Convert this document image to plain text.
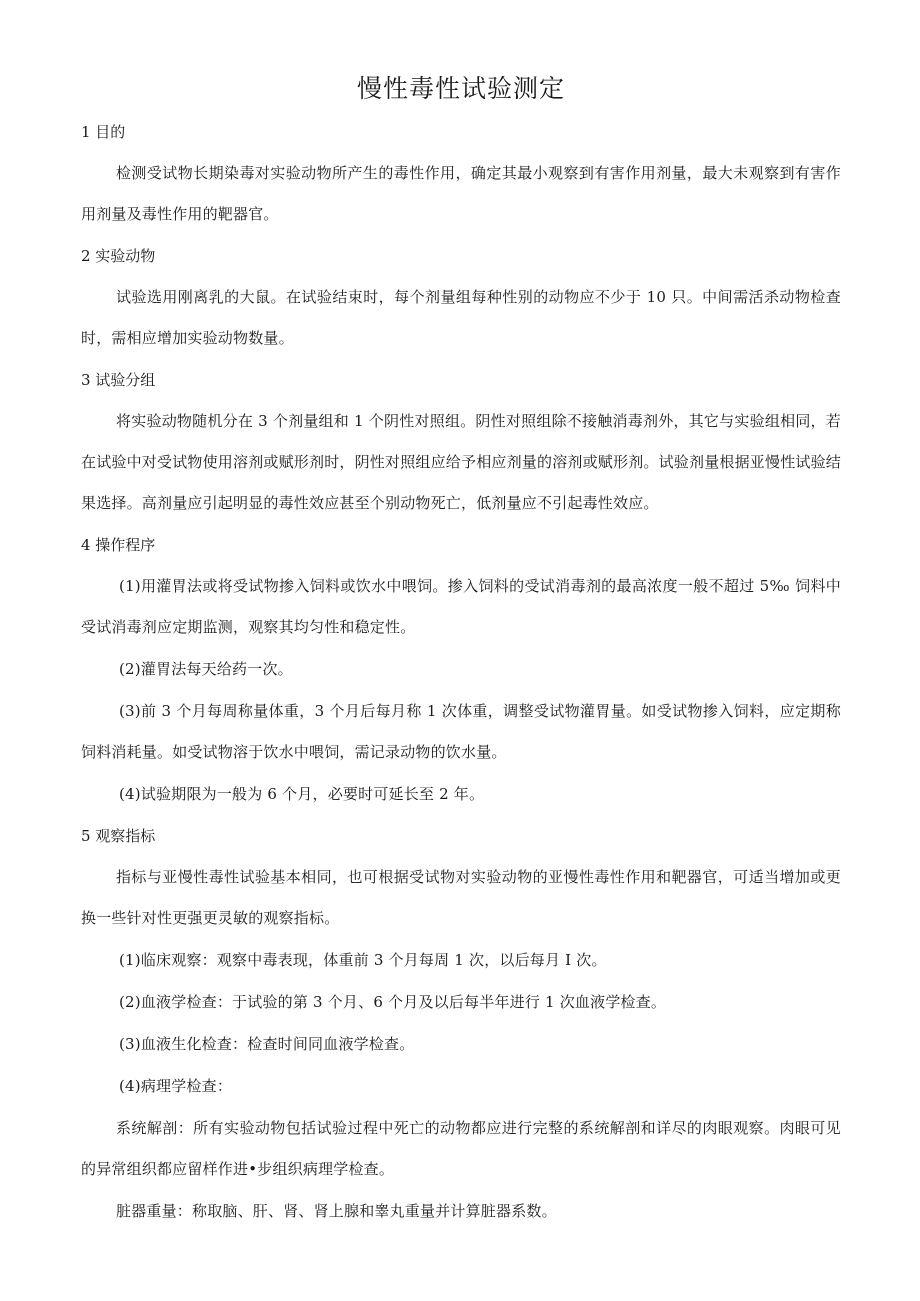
慢性毒性试验测定
1 目的

检测受试物长期染毒对实验动物所产生的毒性作用，确定其最小观察到有害作用剂量，最大未观察到有害作用剂量及毒性作用的靶器官。

2 实验动物

试验选用刚离乳的大鼠。在试验结束时，每个剂量组每种性别的动物应不少于 10 只。中间需活杀动物检查时，需相应增加实验动物数量。

3 试验分组

将实验动物随机分在 3 个剂量组和 1 个阴性对照组。阴性对照组除不接触消毒剂外，其它与实验组相同，若在试验中对受试物使用溶剂或赋形剂时，阴性对照组应给予相应剂量的溶剂或赋形剂。试验剂量根据亚慢性试验结果选择。高剂量应引起明显的毒性效应甚至个别动物死亡，低剂量应不引起毒性效应。

4 操作程序

(1)用灌胃法或将受试物掺入饲料或饮水中喂饲。掺入饲料的受试消毒剂的最高浓度一般不超过 5‰ 饲料中受试消毒剂应定期监测，观察其均匀性和稳定性。

(2)灌胃法每天给药一次。

(3)前 3 个月每周称量体重，3 个月后每月称 1 次体重，调整受试物灌胃量。如受试物掺入饲料，应定期称饲料消耗量。如受试物溶于饮水中喂饲，需记录动物的饮水量。

(4)试验期限为一般为 6 个月，必要时可延长至 2 年。

5 观察指标

指标与亚慢性毒性试验基本相同，也可根据受试物对实验动物的亚慢性毒性作用和靶器官，可适当增加或更换一些针对性更强更灵敏的观察指标。

(1)临床观察：观察中毒表现，体重前 3 个月每周 1 次，以后每月 I 次。

(2)血液学检查：于试验的第 3 个月、6 个月及以后每半年进行 1 次血液学检查。

(3)血液生化检查：检查时间同血液学检查。

(4)病理学检查：

系统解剖：所有实验动物包括试验过程中死亡的动物都应进行完整的系统解剖和详尽的肉眼观察。肉眼可见的异常组织都应留样作进•步组织病理学检查。

脏器重量：称取脑、肝、肾、肾上腺和睾丸重量并计算脏器系数。
